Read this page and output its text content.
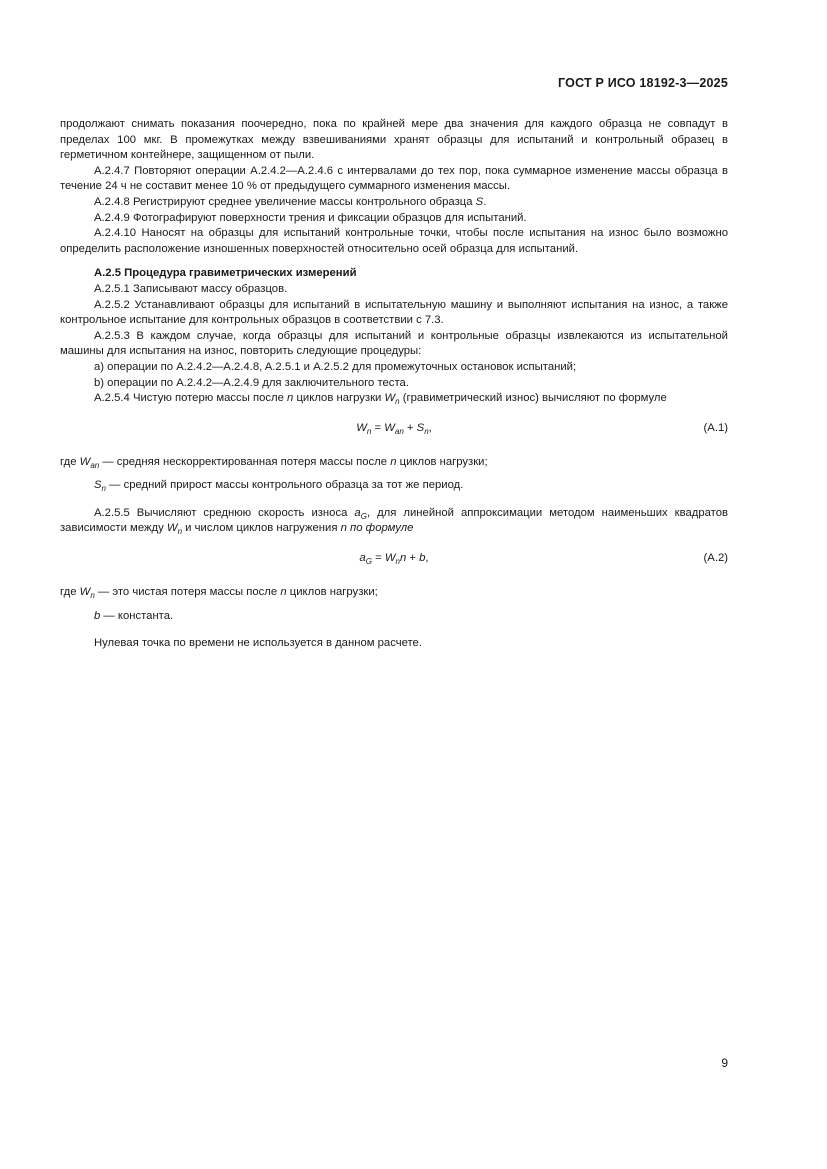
ГОСТ Р ИСО 18192-3—2025

продолжают снимать показания поочередно, пока по крайней мере два значения для каждого образца не совпадут в пределах 100 мкг. В промежутках между взвешиваниями хранят образцы для испытаний и контрольный образец в герметичном контейнере, защищенном от пыли.

A.2.4.7 Повторяют операции A.2.4.2—A.2.4.6 с интервалами до тех пор, пока суммарное изменение массы образца в течение 24 ч не составит менее 10 % от предыдущего суммарного изменения массы.

A.2.4.8 Регистрируют среднее увеличение массы контрольного образца S.

A.2.4.9 Фотографируют поверхности трения и фиксации образцов для испытаний.

A.2.4.10 Наносят на образцы для испытаний контрольные точки, чтобы после испытания на износ было возможно определить расположение изношенных поверхностей относительно осей образца для испытаний.

A.2.5 Процедура гравиметрических измерений

A.2.5.1 Записывают массу образцов.

A.2.5.2 Устанавливают образцы для испытаний в испытательную машину и выполняют испытания на износ, а также контрольное испытание для контрольных образцов в соответствии с 7.3.

A.2.5.3 В каждом случае, когда образцы для испытаний и контрольные образцы извлекаются из испытательной машины для испытания на износ, повторить следующие процедуры:

a) операции по A.2.4.2—A.2.4.8, A.2.5.1 и A.2.5.2 для промежуточных остановок испытаний;

b) операции по A.2.4.2—A.2.4.9 для заключительного теста.

A.2.5.4 Чистую потерю массы после n циклов нагрузки $W_n$ (гравиметрический износ) вычисляют по формуле

$W_n = W_{an} + S_n$,	(A.1)

где $W_{an}$ — средняя нескорректированная потеря массы после n циклов нагрузки;

$S_n$ — средний прирост массы контрольного образца за тот же период.

A.2.5.5 Вычисляют среднюю скорость износа $a_G$, для линейной аппроксимации методом наименьших квадратов зависимости между $W_n$ и числом циклов нагружения n по формуле

$a_G = W_nn + b$,	(A.2)

где $W_n$ — это чистая потеря массы после n циклов нагрузки;

b — константа.

Нулевая точка по времени не используется в данном расчете.

9
